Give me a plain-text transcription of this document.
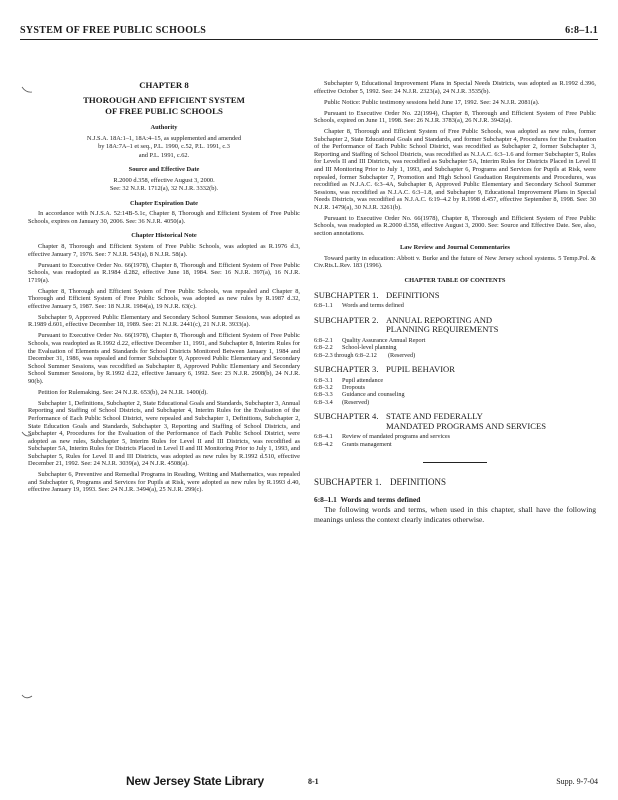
SYSTEM OF FREE PUBLIC SCHOOLS	6:8–1.1
CHAPTER 8
THOROUGH AND EFFICIENT SYSTEM
OF FREE PUBLIC SCHOOLS
Authority

N.J.S.A. 18A:1–1, 18A:4–15, as supplemented and amended

by 18A:7A–1 et seq., P.L. 1990, c.52, P.L. 1991, c.3

and P.L. 1991, c.62.

Source and Effective Date

R.2000 d.358, effective August 3, 2000.

See: 32 N.J.R. 1712(a), 32 N.J.R. 3332(b).

Chapter Expiration Date

In accordance with N.J.S.A. 52:14B-5.1c, Chapter 8, Thorough and Efficient System of Free Public Schools, expires on January 30, 2006. See: 36 N.J.R. 4050(a).

Chapter Historical Note

Chapter 8, Thorough and Efficient System of Free Public Schools, was adopted as R.1976 d.3, effective January 7, 1976. See: 7 N.J.R. 543(a), 8 N.J.R. 58(a).

Pursuant to Executive Order No. 66(1978), Chapter 8, Thorough and Efficient System of Free Public Schools, was readopted as R.1984 d.282, effective June 18, 1984. See: 16 N.J.R. 397(a), 16 N.J.R. 1719(a).

Chapter 8, Thorough and Efficient System of Free Public Schools, was repealed and Chapter 8, Thorough and Efficient System of Free Public Schools, was adopted as new rules by R.1987 d.32, effective January 5, 1987. See: 18 N.J.R. 1984(a), 19 N.J.R. 63(c).

Subchapter 9, Approved Public Elementary and Secondary School Summer Sessions, was adopted as R.1989 d.601, effective December 18, 1989. See: 21 N.J.R. 2441(c), 21 N.J.R. 3933(a).

Pursuant to Executive Order No. 66(1978), Chapter 8, Thorough and Efficient System of Free Public Schools, was readopted as R.1992 d.22, effective December 11, 1991, and Subchapter 8, Interim Rules for the Evaluation of Elements and Standards for School Districts Monitored Between January 1, 1984 and December 31, 1986, was repealed and former Subchapter 9, Approved Public Elementary and Secondary School Summer Sessions, was recodified as Subchapter 8, Approved Public Elementary and Secondary School Summer Sessions, by R.1992 d.22, effective January 6, 1992. See: 23 N.J.R. 2908(b), 24 N.J.R. 90(b).

Petition for Rulemaking. See: 24 N.J.R. 653(b), 24 N.J.R. 1400(d).

Subchapter 1, Definitions, Subchapter 2, State Educational Goals and Standards, Subchapter 3, Annual Reporting and Staffing of School Districts, and Subchapter 4, Interim Rules for the Evaluation of the Performance of Each Public School District, were repealed and Subchapter 1, Definitions, Subchapter 2, State Education Goals and Standards, Subchapter 3, Reporting and Staffing of School Districts, and Subchapter 4, Procedures for the Evaluation of the Performance of Each Public School District, were adopted as new rules, Subchapter 5, Interim Rules for Level II and III Districts, was recodified as Subchapter 5A, Interim Rules for Districts Placed in Level II and III Monitoring Prior to July 1, 1993, and Subchapter 5, Rules for Level II and III Districts, was adopted as new rules by R.1992 d.510, effective December 21, 1992. See: 24 N.J.R. 3039(a), 24 N.J.R. 4508(a).

Subchapter 6, Preventive and Remedial Programs in Reading, Writing and Mathematics, was repealed and Subchapter 6, Programs and Services for Pupils at Risk, were adopted as new rules by R.1993 d.40, effective January 19, 1993. See: 24 N.J.R. 3494(a), 25 N.J.R. 299(c).

Subchapter 9, Educational Improvement Plans in Special Needs Districts, was adopted as R.1992 d.396, effective October 5, 1992. See: 24 N.J.R. 2323(a), 24 N.J.R. 3535(b).

Public Notice: Public testimony sessions held June 17, 1992. See: 24 N.J.R. 2081(a).

Pursuant to Executive Order No. 22(1994), Chapter 8, Thorough and Efficient System of Free Public Schools, expired on June 11, 1998. See: 26 N.J.R. 3783(a), 26 N.J.R. 3942(a).

Chapter 8, Thorough and Efficient System of Free Public Schools, was adopted as new rules, former Subchapter 2, State Educational Goals and Standards, and former Subchapter 4, Procedures for the Evaluation of the Performance of Each Public School District, was recodified as Subchapter 2, former Subchapter 3, Reporting and Staffing of School Districts, was recodified as N.J.A.C. 6:3–1.6 and former Subchapter 5, Rules for Levels II and III Districts, was recodified as Subchapter 5A, Interim Rules for Districts Placed in Level II and III Monitoring Prior to July 1, 1993, and Subchapter 6, Programs and Services for Pupils at Risk, were repealed, former Subchapter 7, Promotion and High School Graduation Requirements and Procedures, was recodified as N.J.A.C. 6:3–4A, Subchapter 8, Approved Public Elementary and Secondary School Summer Sessions, was recodified as N.J.A.C. 6:3–1.8, and Subchapter 9, Educational Improvement Plans in Special Needs Districts, was recodified as N.J.A.C. 6:19–4.2 by R.1998 d.457, effective September 8, 1998. See: 30 N.J.R. 1479(a), 30 N.J.R. 3261(b).

Pursuant to Executive Order No. 66(1978), Chapter 8, Thorough and Efficient System of Free Public Schools, was readopted as R.2000 d.358, effective August 3, 2000. See: Source and Effective Date. See, also, section annotations.

Law Review and Journal Commentaries

Toward parity in education: Abbott v. Burke and the future of New Jersey school systems. 5 Temp.Pol. & Civ.Rts.L.Rev. 183 (1996).

CHAPTER TABLE OF CONTENTS
SUBCHAPTER 1. DEFINITIONS
6:8–1.1	Words and terms defined
SUBCHAPTER 2. ANNUAL REPORTING AND
PLANNING REQUIREMENTS
6:8–2.1	Quality Assurance Annual Report
6:8–2.2	School-level planning
6:8–2.3 through 6:8–2.12	(Reserved)
SUBCHAPTER 3. PUPIL BEHAVIOR
6:8–3.1	Pupil attendance
6:8–3.2	Dropouts
6:8–3.3	Guidance and counseling
6:8–3.4	(Reserved)
SUBCHAPTER 4. STATE AND FEDERALLY
MANDATED PROGRAMS AND SERVICES
6:8–4.1	Review of mandated programs and services
6:8–4.2	Grants management
SUBCHAPTER 1. DEFINITIONS
6:8–1.1 Words and terms defined

The following words and terms, when used in this chapter, shall have the following meanings unless the context clearly indicates otherwise.

New Jersey State Library	8-1	Supp. 9-7-04
